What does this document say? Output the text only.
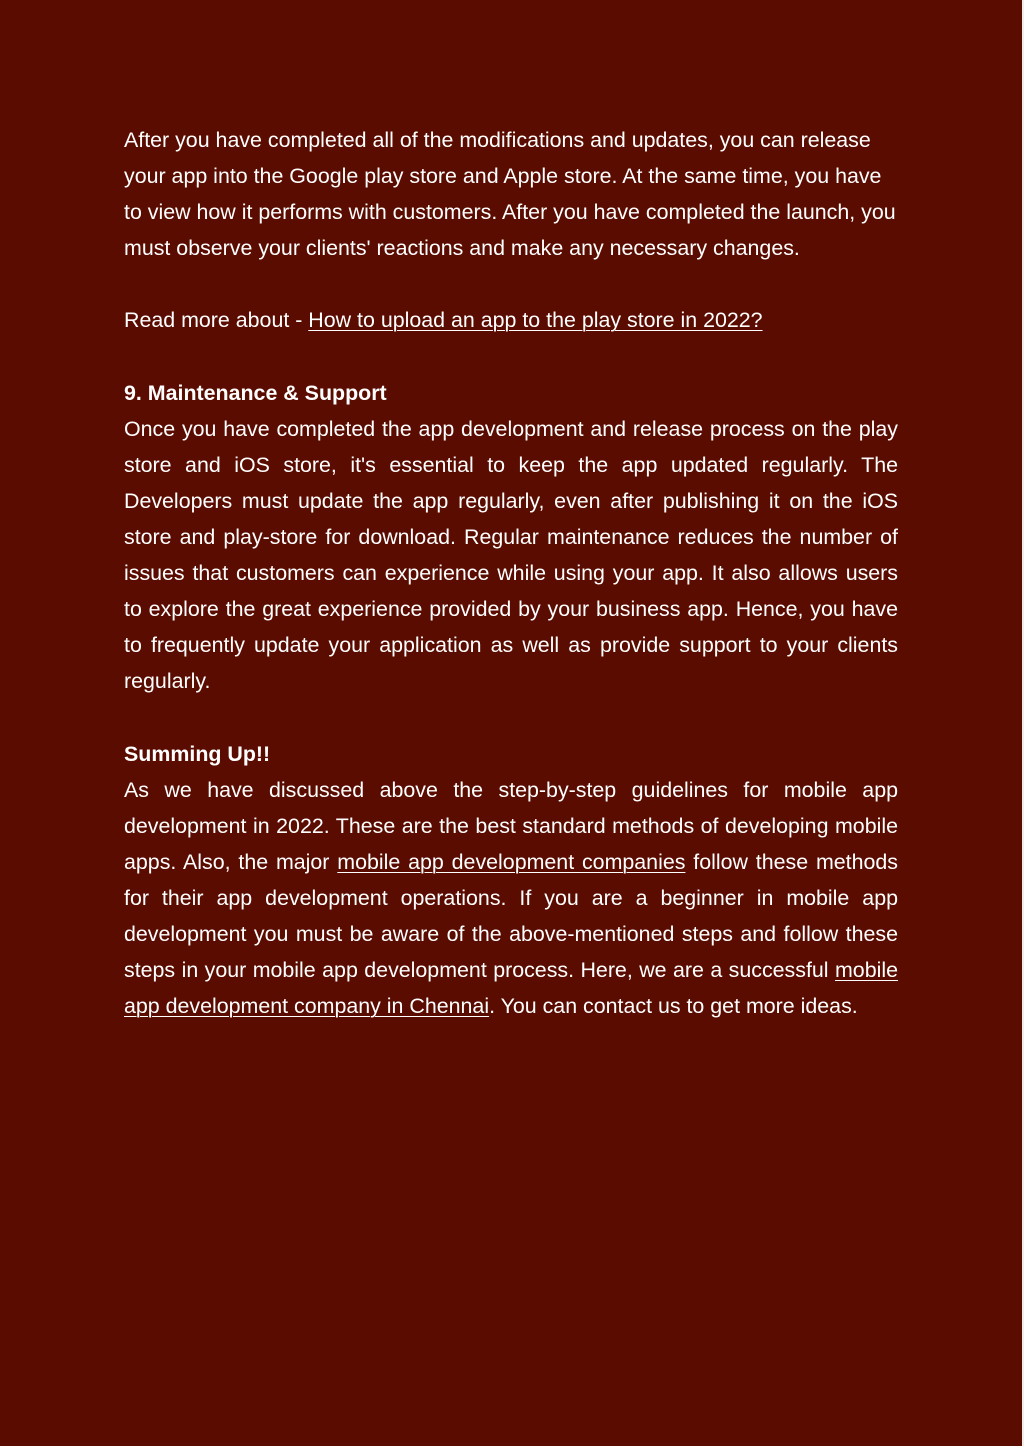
After you have completed all of the modifications and updates, you can release your app into the Google play store and Apple store. At the same time, you have to view how it performs with customers. After you have completed the launch, you must observe your clients' reactions and make any necessary changes.

Read more about - How to upload an app to the play store in 2022?

9. Maintenance & Support

Once you have completed the app development and release process on the play store and iOS store, it's essential to keep the app updated regularly. The Developers must update the app regularly, even after publishing it on the iOS store and play-store for download. Regular maintenance reduces the number of issues that customers can experience while using your app. It also allows users to explore the great experience provided by your business app. Hence, you have to frequently update your application as well as provide support to your clients regularly.

Summing Up!!

As we have discussed above the step-by-step guidelines for mobile app development in 2022. These are the best standard methods of developing mobile apps. Also, the major mobile app development companies follow these methods for their app development operations. If you are a beginner in mobile app development you must be aware of the above-mentioned steps and follow these steps in your mobile app development process. Here, we are a successful mobile app development company in Chennai. You can contact us to get more ideas.
